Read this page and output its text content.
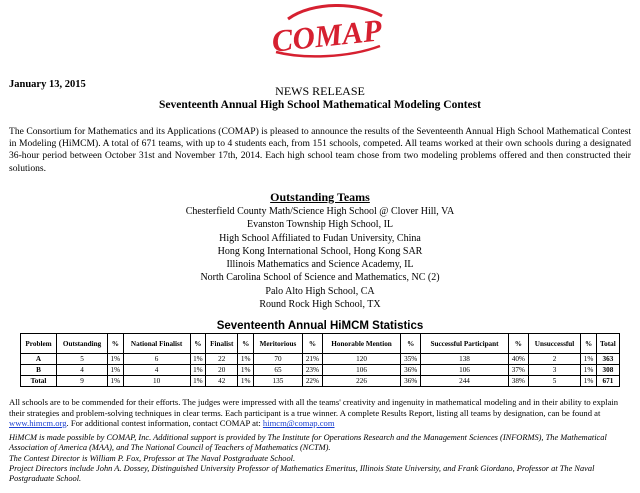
COMAP
January 13, 2015	NEWS RELEASE
Seventeenth Annual High School Mathematical Modeling Contest

The Consortium for Mathematics and its Applications (COMAP) is pleased to announce the results of the Seventeenth Annual High School Mathematical Contest in Modeling (HiMCM). A total of 671 teams, with up to 4 students each, from 151 schools, competed. All teams worked at their own schools during a designated 36-hour period between October 31st and November 17th, 2014. Each high school team chose from two modeling problems offered and then constructed their solutions.

Outstanding Teams
Chesterfield County Math/Science High School @ Clover Hill, VA
Evanston Township High School, IL
High School Affiliated to Fudan University, China
Hong Kong International School, Hong Kong SAR
Illinois Mathematics and Science Academy, IL
North Carolina School of Science and Mathematics, NC (2)
Palo Alto High School, CA
Round Rock High School, TX
Seventeenth Annual HiMCM Statistics
Problem	Outstanding	%	National Finalist	%	Finalist	%	Meritorious	%	Honorable Mention	%	Successful Participant	%	Unsuccessful	%	Total
A	5	1%	6	1%	22	1%	70	21%	120	35%	138	40%	2	1%	363
B	4	1%	4	1%	20	1%	65	23%	106	36%	106	37%	3	1%	308
Total	9	1%	10	1%	42	1%	135	22%	226	36%	244	38%	5	1%	671

All schools are to be commended for their efforts. The judges were impressed with all the teams' creativity and ingenuity in mathematical modeling and in their ability to explain their strategies and problem-solving techniques in clear terms. Each participant is a true winner. A complete Results Report, listing all teams by designation, can be found at www.himcm.org. For additional contest information, contact COMAP at: himcm@comap.com

HiMCM is made possible by COMAP, Inc. Additional support is provided by The Institute for Operations Research and the Management Sciences (INFORMS), The Mathematical Association of America (MAA), and The National Council of Teachers of Mathematics (NCTM).
The Contest Director is William P. Fox, Professor at The Naval Postgraduate School.
Project Directors include John A. Dossey, Distinguished University Professor of Mathematics Emeritus, Illinois State University, and Frank Giordano, Professor at The Naval Postgraduate School.
